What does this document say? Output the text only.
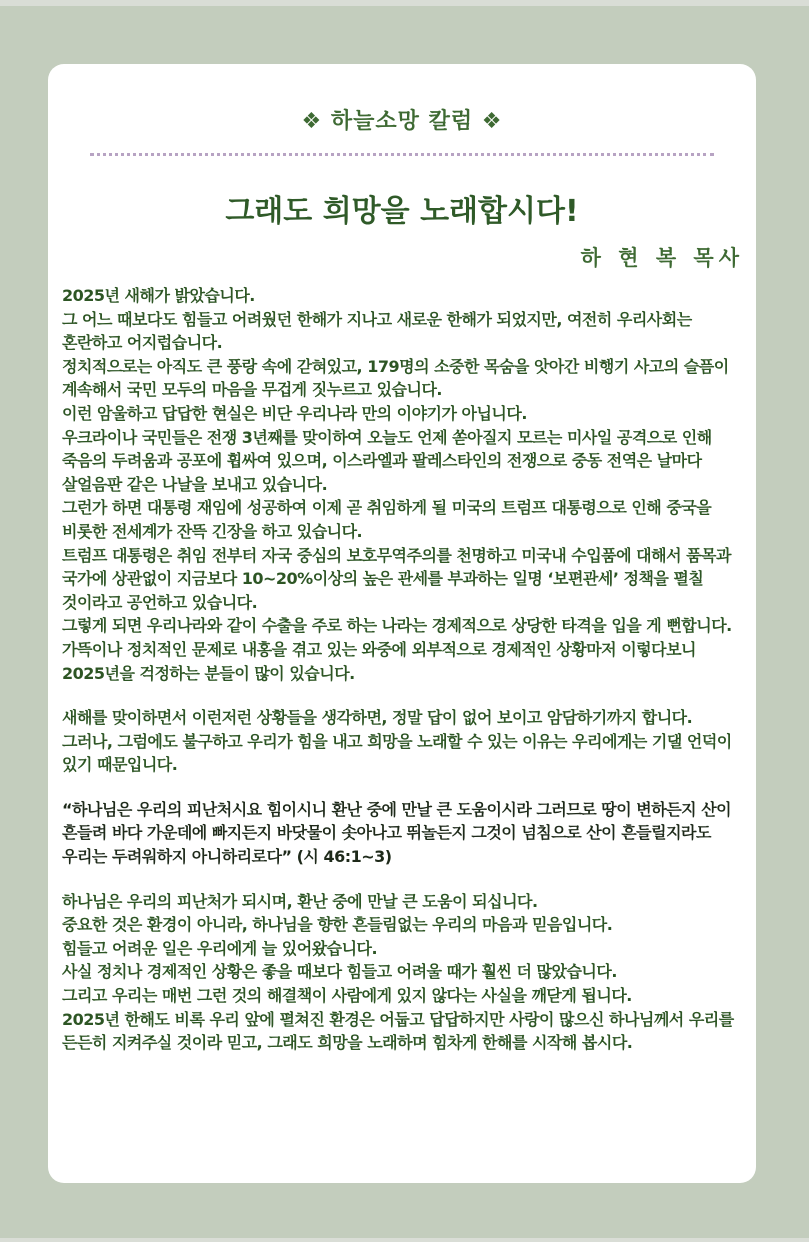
❖ 하늘소망 칼럼 ❖
그래도 희망을 노래합시다!
하 현 복 목사

2025년 새해가 밝았습니다.

그 어느 때보다도 힘들고 어려웠던 한해가 지나고 새로운 한해가 되었지만, 여전히 우리사회는 혼란하고 어지럽습니다.

정치적으로는 아직도 큰 풍랑 속에 갇혀있고, 179명의 소중한 목숨을 앗아간 비행기 사고의 슬픔이 계속해서 국민 모두의 마음을 무겁게 짓누르고 있습니다.

이런 암울하고 답답한 현실은 비단 우리나라 만의 이야기가 아닙니다.

우크라이나 국민들은 전쟁 3년째를 맞이하여 오늘도 언제 쏟아질지 모르는 미사일 공격으로 인해 죽음의 두려움과 공포에 휩싸여 있으며, 이스라엘과 팔레스타인의 전쟁으로 중동 전역은 날마다 살얼음판 같은 나날을 보내고 있습니다.

그런가 하면 대통령 재임에 성공하여 이제 곧 취임하게 될 미국의 트럼프 대통령으로 인해 중국을 비롯한 전세계가 잔뜩 긴장을 하고 있습니다.

트럼프 대통령은 취임 전부터 자국 중심의 보호무역주의를 천명하고 미국내 수입품에 대해서 품목과 국가에 상관없이 지금보다 10~20%이상의 높은 관세를 부과하는 일명 ‘보편관세’ 정책을 펼칠 것이라고 공언하고 있습니다.

그렇게 되면 우리나라와 같이 수출을 주로 하는 나라는 경제적으로 상당한 타격을 입을 게 뻔합니다.

가뜩이나 정치적인 문제로 내홍을 겪고 있는 와중에 외부적으로 경제적인 상황마저 이렇다보니 2025년을 걱정하는 분들이 많이 있습니다.

새해를 맞이하면서 이런저런 상황들을 생각하면, 정말 답이 없어 보이고 암담하기까지 합니다.

그러나, 그럼에도 불구하고 우리가 힘을 내고 희망을 노래할 수 있는 이유는 우리에게는 기댈 언덕이 있기 때문입니다.

“하나님은 우리의 피난처시요 힘이시니 환난 중에 만날 큰 도움이시라 그러므로 땅이 변하든지 산이 흔들려 바다 가운데에 빠지든지 바닷물이 솟아나고 뛰놀든지 그것이 넘침으로 산이 흔들릴지라도 우리는 두려워하지 아니하리로다” (시 46:1~3)

하나님은 우리의 피난처가 되시며, 환난 중에 만날 큰 도움이 되십니다.

중요한 것은 환경이 아니라, 하나님을 향한 흔들림없는 우리의 마음과 믿음입니다.

힘들고 어려운 일은 우리에게 늘 있어왔습니다.

사실 정치나 경제적인 상황은 좋을 때보다 힘들고 어려울 때가 훨씬 더 많았습니다.

그리고 우리는 매번 그런 것의 해결책이 사람에게 있지 않다는 사실을 깨닫게 됩니다.

2025년 한해도 비록 우리 앞에 펼쳐진 환경은 어둡고 답답하지만 사랑이 많으신 하나님께서 우리를 든든히 지켜주실 것이라 믿고, 그래도 희망을 노래하며 힘차게 한해를 시작해 봅시다.
